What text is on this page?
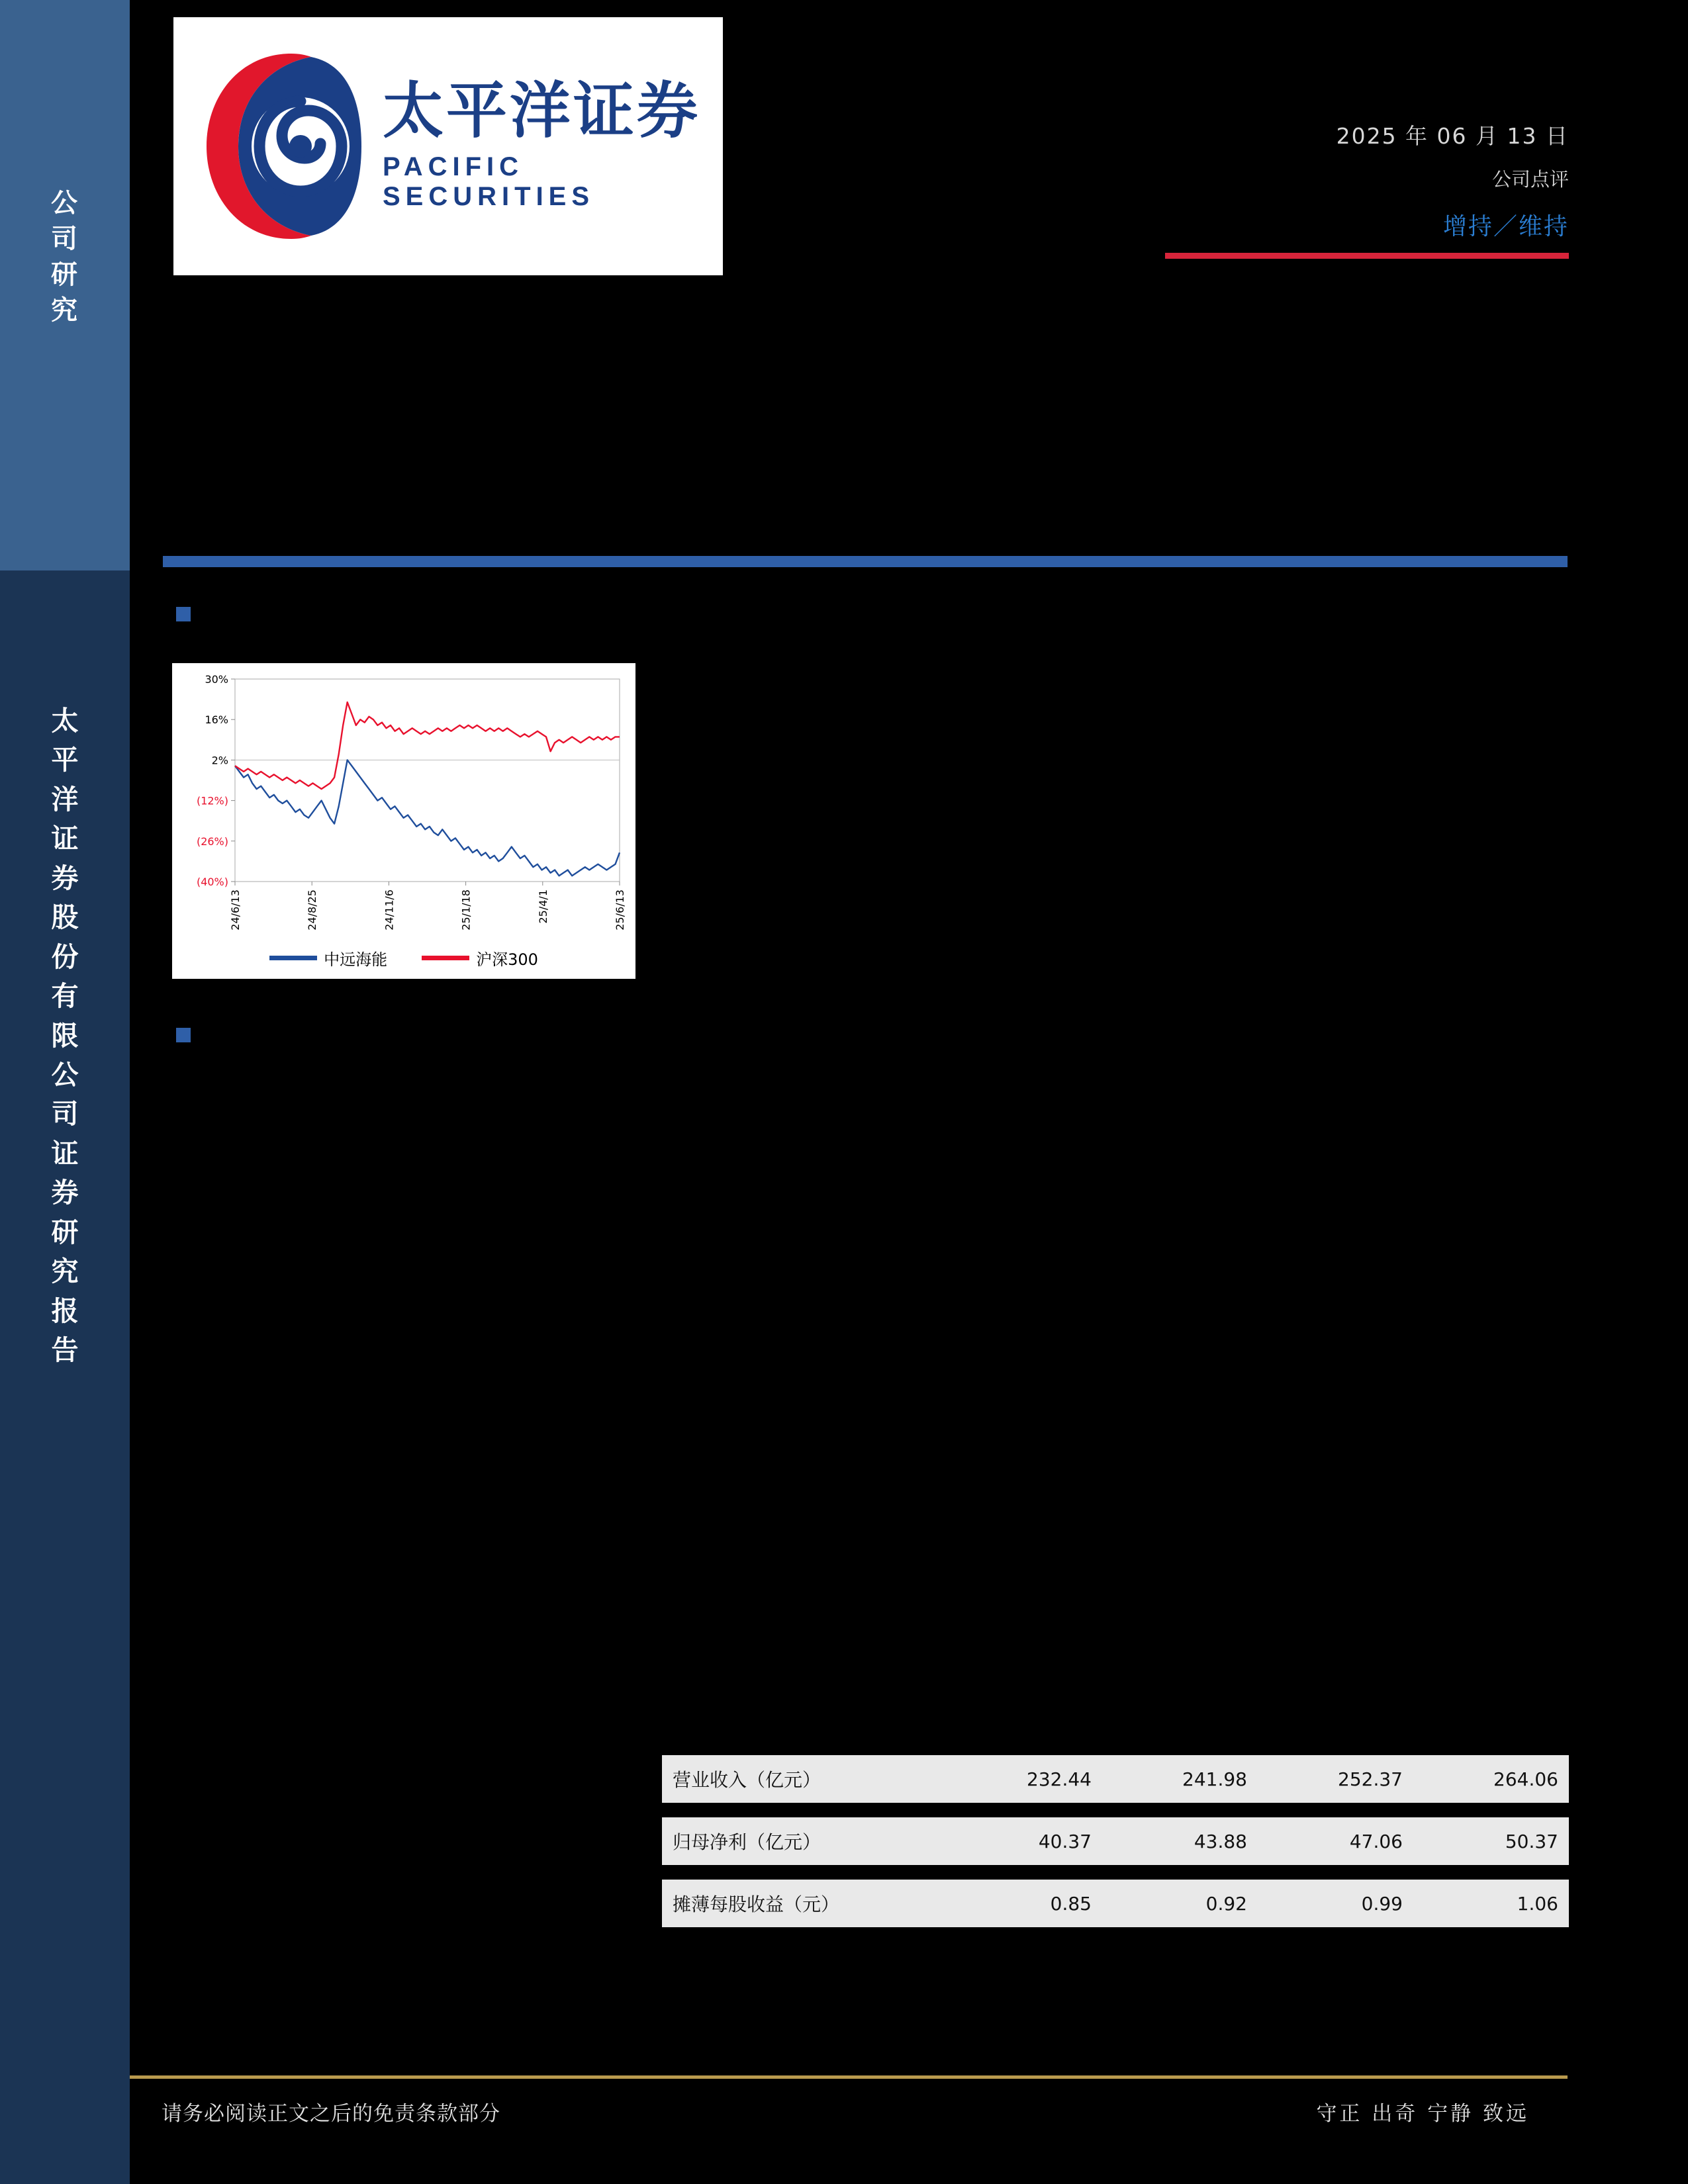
公
司
研
究
太
平
洋
证
券
股
份
有
限
公
司
证
券
研
究
报
告
太平洋证券
PACIFIC SECURITIES
2025 年 06 月 13 日
公司点评
增持／维持
30%
16%
2%
(12%)
(26%)
(40%)
24/6/13	24/8/25	24/11/6	25/1/18	25/4/1	25/6/13
中远海能	沪深300
营业收入（亿元）	232.44	241.98	252.37	264.06

归母净利（亿元）	40.37	43.88	47.06	50.37

摊薄每股收益（元）	0.85	0.92	0.99	1.06
请务必阅读正文之后的免责条款部分	守正 出奇 宁静 致远
